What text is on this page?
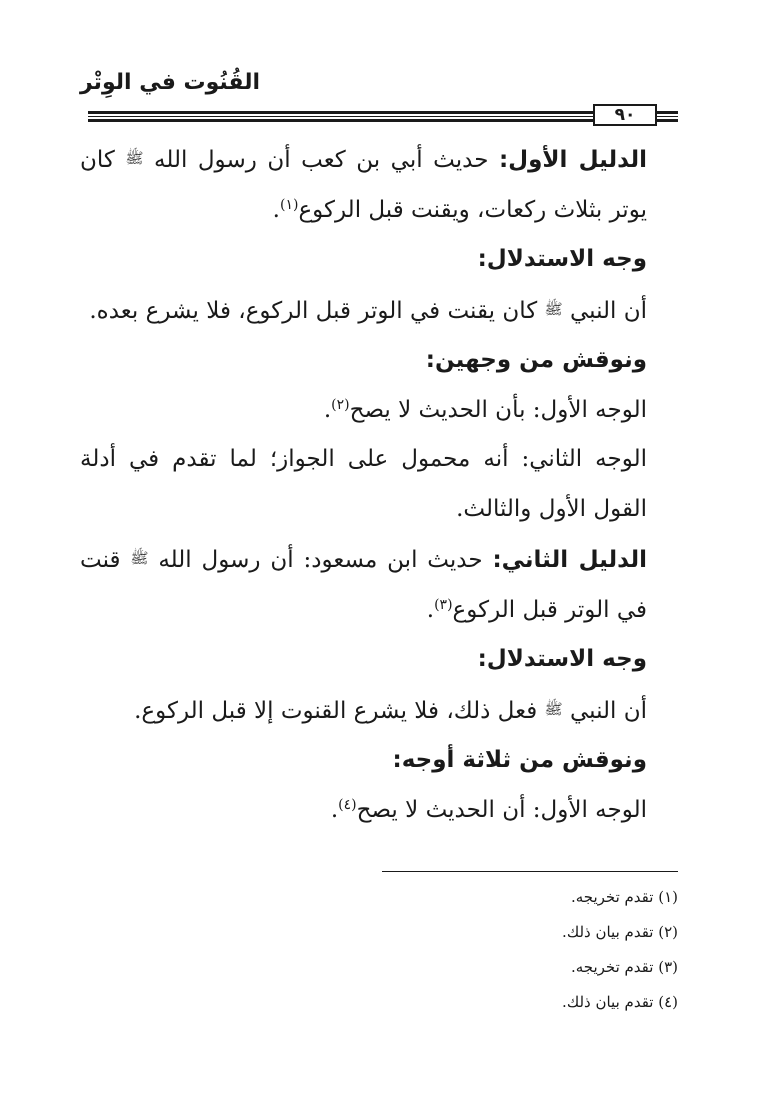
القُنُوت في الوِتْر
٩٠

الدليل الأول: حديث أبي بن كعب أن رسول الله ﷺ كان يوتر بثلاث ركعات، ويقنت قبل الركوع$^{(١)}$.

وجه الاستدلال:

أن النبي ﷺ كان يقنت في الوتر قبل الركوع، فلا يشرع بعده.

ونوقش من وجهين:

الوجه الأول: بأن الحديث لا يصح$^{(٢)}$.

الوجه الثاني: أنه محمول على الجواز؛ لما تقدم في أدلة القول الأول والثالث.

الدليل الثاني: حديث ابن مسعود: أن رسول الله ﷺ قنت في الوتر قبل الركوع$^{(٣)}$.

وجه الاستدلال:

أن النبي ﷺ فعل ذلك، فلا يشرع القنوت إلا قبل الركوع.

ونوقش من ثلاثة أوجه:

الوجه الأول: أن الحديث لا يصح$^{(٤)}$.

(١) تقدم تخريجه.
(٢) تقدم بيان ذلك.
(٣) تقدم تخريجه.
(٤) تقدم بيان ذلك.
